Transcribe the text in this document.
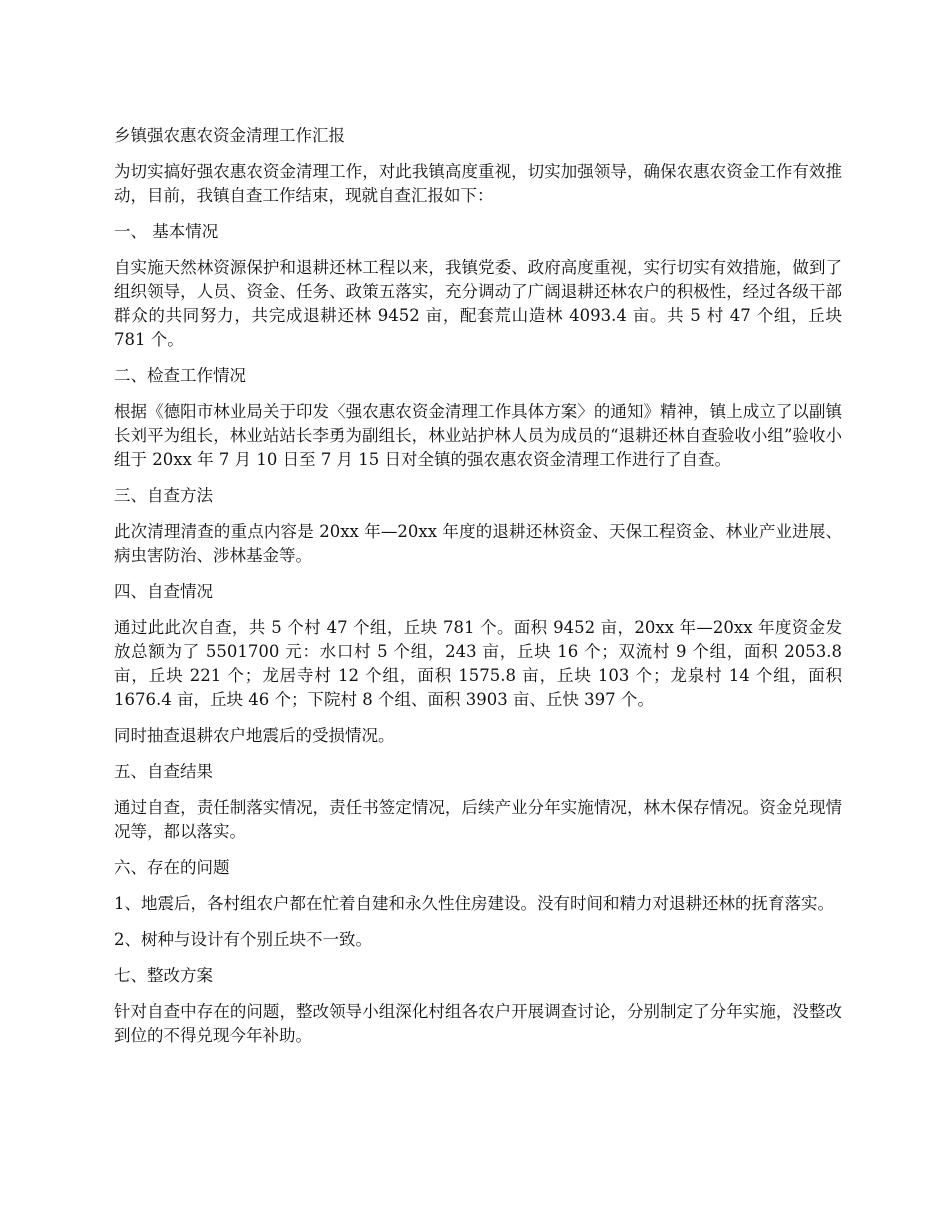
乡镇强农惠农资金清理工作汇报

为切实搞好强农惠农资金清理工作，对此我镇高度重视，切实加强领导，确保农惠农资金工作有效推动，目前，我镇自查工作结束，现就自查汇报如下：

一、 基本情况

自实施天然林资源保护和退耕还林工程以来，我镇党委、政府高度重视，实行切实有效措施，做到了组织领导，人员、资金、任务、政策五落实，充分调动了广阔退耕还林农户的积极性，经过各级干部群众的共同努力，共完成退耕还林 9452 亩，配套荒山造林 4093.4 亩。共 5 村 47 个组，丘块 781 个。

二、检查工作情况

根据《德阳市林业局关于印发〈强农惠农资金清理工作具体方案〉的通知》精神，镇上成立了以副镇长刘平为组长，林业站站长李勇为副组长，林业站护林人员为成员的“退耕还林自查验收小组”验收小组于 20xx 年 7 月 10 日至 7 月 15 日对全镇的强农惠农资金清理工作进行了自查。

三、自查方法

此次清理清查的重点内容是 20xx 年—20xx 年度的退耕还林资金、天保工程资金、林业产业进展、病虫害防治、涉林基金等。

四、自查情况

通过此此次自查，共 5 个村 47 个组，丘块 781 个。面积 9452 亩，20xx 年—20xx 年度资金发放总额为了 5501700 元：水口村 5 个组，243 亩，丘块 16 个；双流村 9 个组，面积 2053.8 亩，丘块 221 个；龙居寺村 12 个组，面积 1575.8 亩，丘块 103 个；龙泉村 14 个组，面积 1676.4 亩，丘块 46 个；下院村 8 个组、面积 3903 亩、丘快 397 个。

同时抽查退耕农户地震后的受损情况。

五、自查结果

通过自查，责任制落实情况，责任书签定情况，后续产业分年实施情况，林木保存情况。资金兑现情况等，都以落实。

六、存在的问题

1、地震后，各村组农户都在忙着自建和永久性住房建设。没有时间和精力对退耕还林的抚育落实。

2、树种与设计有个别丘块不一致。

七、整改方案

针对自查中存在的问题，整改领导小组深化村组各农户开展调查讨论，分别制定了分年实施，没整改到位的不得兑现今年补助。
